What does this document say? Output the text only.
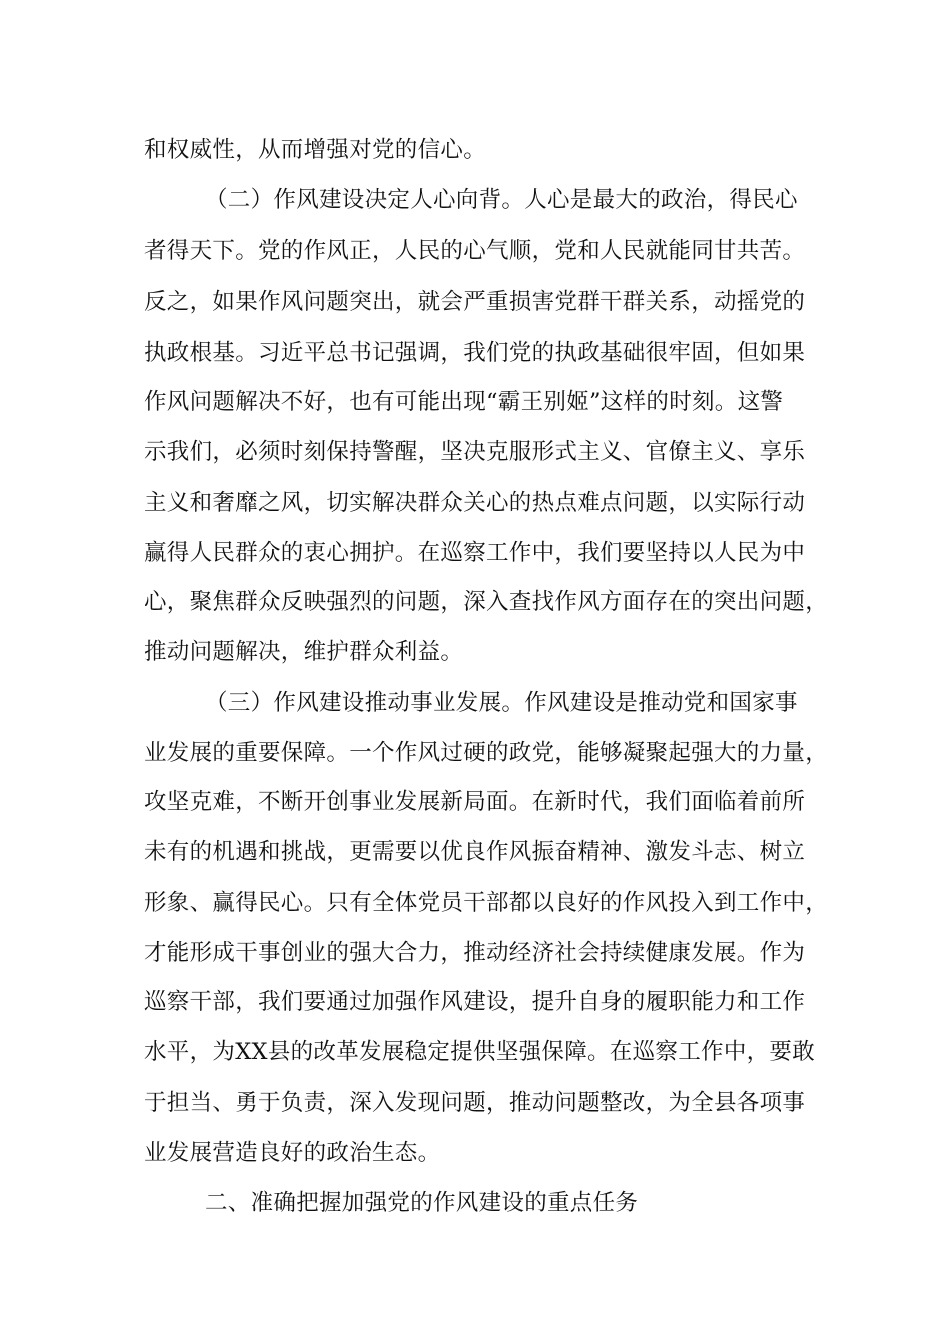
和权威性，从而增强对党的信心。
（二）作风建设决定人心向背。人心是最大的政治，得民心
者得天下。党的作风正，人民的心气顺，党和人民就能同甘共苦。
反之，如果作风问题突出，就会严重损害党群干群关系，动摇党的
执政根基。习近平总书记强调，我们党的执政基础很牢固，但如果
作风问题解决不好，也有可能出现“霸王别姬”这样的时刻。这警
示我们，必须时刻保持警醒，坚决克服形式主义、官僚主义、享乐
主义和奢靡之风，切实解决群众关心的热点难点问题，以实际行动
赢得人民群众的衷心拥护。在巡察工作中，我们要坚持以人民为中
心，聚焦群众反映强烈的问题，深入查找作风方面存在的突出问题，
推动问题解决，维护群众利益。
（三）作风建设推动事业发展。作风建设是推动党和国家事
业发展的重要保障。一个作风过硬的政党，能够凝聚起强大的力量，
攻坚克难，不断开创事业发展新局面。在新时代，我们面临着前所
未有的机遇和挑战，更需要以优良作风振奋精神、激发斗志、树立
形象、赢得民心。只有全体党员干部都以良好的作风投入到工作中，
才能形成干事创业的强大合力，推动经济社会持续健康发展。作为
巡察干部，我们要通过加强作风建设，提升自身的履职能力和工作
水平，为XX县的改革发展稳定提供坚强保障。在巡察工作中，要敢
于担当、勇于负责，深入发现问题，推动问题整改，为全县各项事
业发展营造良好的政治生态。
二、准确把握加强党的作风建设的重点任务
